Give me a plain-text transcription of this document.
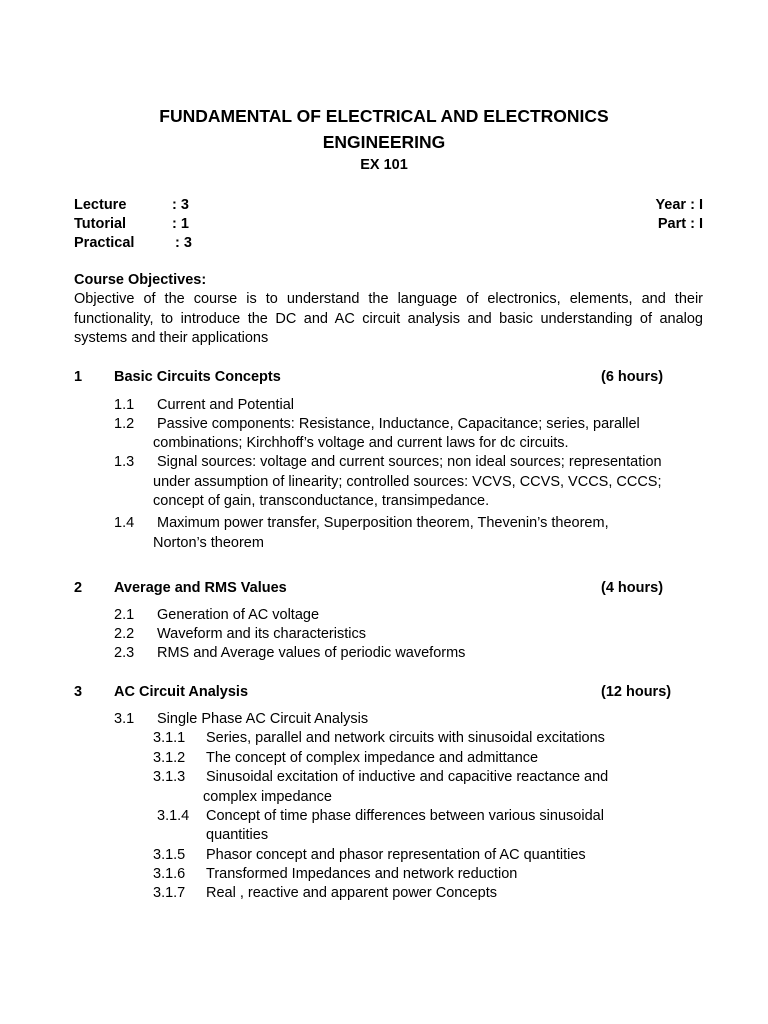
FUNDAMENTAL OF ELECTRICAL AND ELECTRONICS
ENGINEERING
EX 101
Lecture	: 3
Tutorial	: 1
Practical	: 3
Year : I
Part : I
Course Objectives:
Objective of the course is to understand the language of electronics, elements, and their functionality, to introduce the DC and AC circuit analysis and basic understanding of analog systems and their applications
1 Basic Circuits Concepts	(6 hours)
1.1 Current and Potential
1.2 Passive components: Resistance, Inductance, Capacitance; series, parallel
combinations; Kirchhoff’s voltage and current laws for dc circuits.
1.3 Signal sources: voltage and current sources; non ideal sources; representation
under assumption of linearity; controlled sources: VCVS, CCVS, VCCS, CCCS;
concept of gain, transconductance, transimpedance.
1.4 Maximum power transfer, Superposition theorem, Thevenin’s theorem,
Norton’s theorem
2 Average and RMS Values	(4 hours)
2.1 Generation of AC voltage
2.2 Waveform and its characteristics
2.3 RMS and Average values of periodic waveforms
3 AC Circuit Analysis	(12 hours)
3.1 Single Phase AC Circuit Analysis
3.1.1 Series, parallel and network circuits with sinusoidal excitations
3.1.2 The concept of complex impedance and admittance
3.1.3 Sinusoidal excitation of inductive and capacitive reactance and
complex impedance
3.1.4 Concept of time phase differences between various sinusoidal
quantities
3.1.5 Phasor concept and phasor representation of AC quantities
3.1.6 Transformed Impedances and network reduction
3.1.7 Real , reactive and apparent power Concepts
